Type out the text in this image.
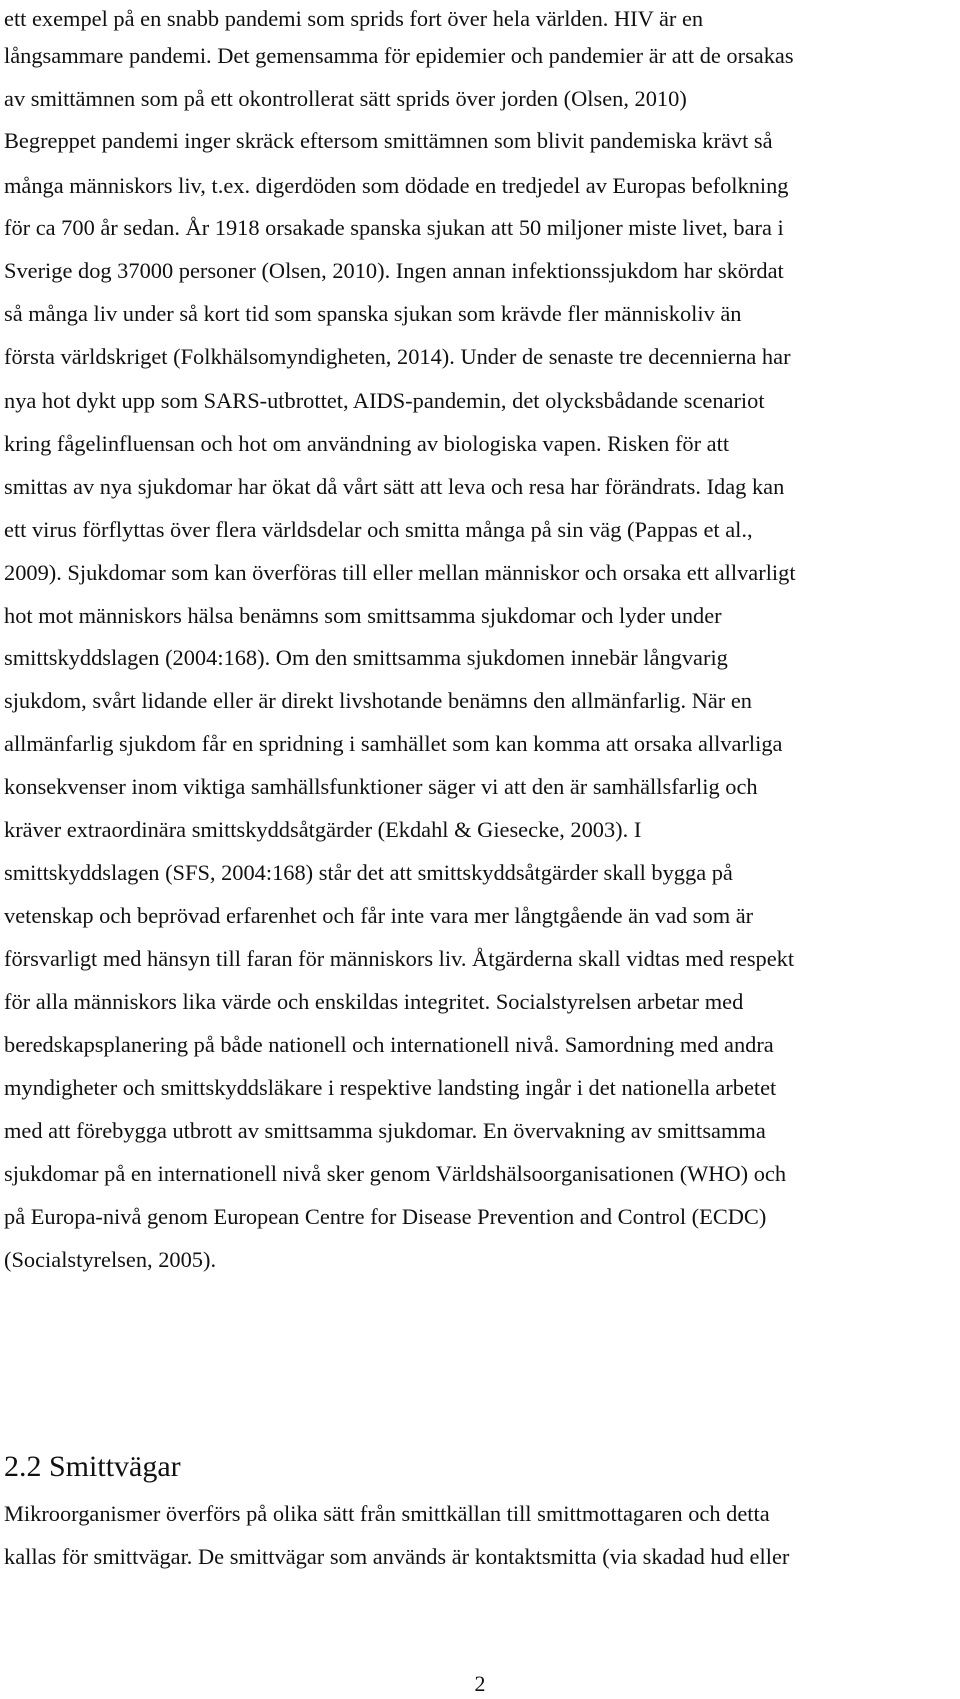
ett exempel på en snabb pandemi som sprids fort över hela världen. HIV är en

långsammare pandemi. Det gemensamma för epidemier och pandemier är att de orsakas

av smittämnen som på ett okontrollerat sätt sprids över jorden (Olsen, 2010)

Begreppet pandemi inger skräck eftersom smittämnen som blivit pandemiska krävt så

många människors liv, t.ex. digerdöden som dödade en tredjedel av Europas befolkning

för ca 700 år sedan. År 1918 orsakade spanska sjukan att 50 miljoner miste livet, bara i

Sverige dog 37000 personer (Olsen, 2010). Ingen annan infektionssjukdom har skördat

så många liv under så kort tid som spanska sjukan som krävde fler människoliv än

första världskriget (Folkhälsomyndigheten, 2014). Under de senaste tre decennierna har

nya hot dykt upp som SARS-utbrottet, AIDS-pandemin, det olycksbådande scenariot

kring fågelinfluensan och hot om användning av biologiska vapen. Risken för att

smittas av nya sjukdomar har ökat då vårt sätt att leva och resa har förändrats. Idag kan

ett virus förflyttas över flera världsdelar och smitta många på sin väg (Pappas et al.,

2009). Sjukdomar som kan överföras till eller mellan människor och orsaka ett allvarligt

hot mot människors hälsa benämns som smittsamma sjukdomar och lyder under

smittskyddslagen (2004:168). Om den smittsamma sjukdomen innebär långvarig

sjukdom, svårt lidande eller är direkt livshotande benämns den allmänfarlig. När en

allmänfarlig sjukdom får en spridning i samhället som kan komma att orsaka allvarliga

konsekvenser inom viktiga samhällsfunktioner säger vi att den är samhällsfarlig och

kräver extraordinära smittskyddsåtgärder (Ekdahl & Giesecke, 2003). I

smittskyddslagen (SFS, 2004:168) står det att smittskyddsåtgärder skall bygga på

vetenskap och beprövad erfarenhet och får inte vara mer långtgående än vad som är

försvarligt med hänsyn till faran för människors liv. Åtgärderna skall vidtas med respekt

för alla människors lika värde och enskildas integritet. Socialstyrelsen arbetar med

beredskapsplanering på både nationell och internationell nivå. Samordning med andra

myndigheter och smittskyddsläkare i respektive landsting ingår i det nationella arbetet

med att förebygga utbrott av smittsamma sjukdomar. En övervakning av smittsamma

sjukdomar på en internationell nivå sker genom Världshälsoorganisationen (WHO) och

på Europa-nivå genom European Centre for Disease Prevention and Control (ECDC)

(Socialstyrelsen, 2005).

2.2 Smittvägar

Mikroorganismer överförs på olika sätt från smittkällan till smittmottagaren och detta

kallas för smittvägar. De smittvägar som används är kontaktsmitta (via skadad hud eller

2
